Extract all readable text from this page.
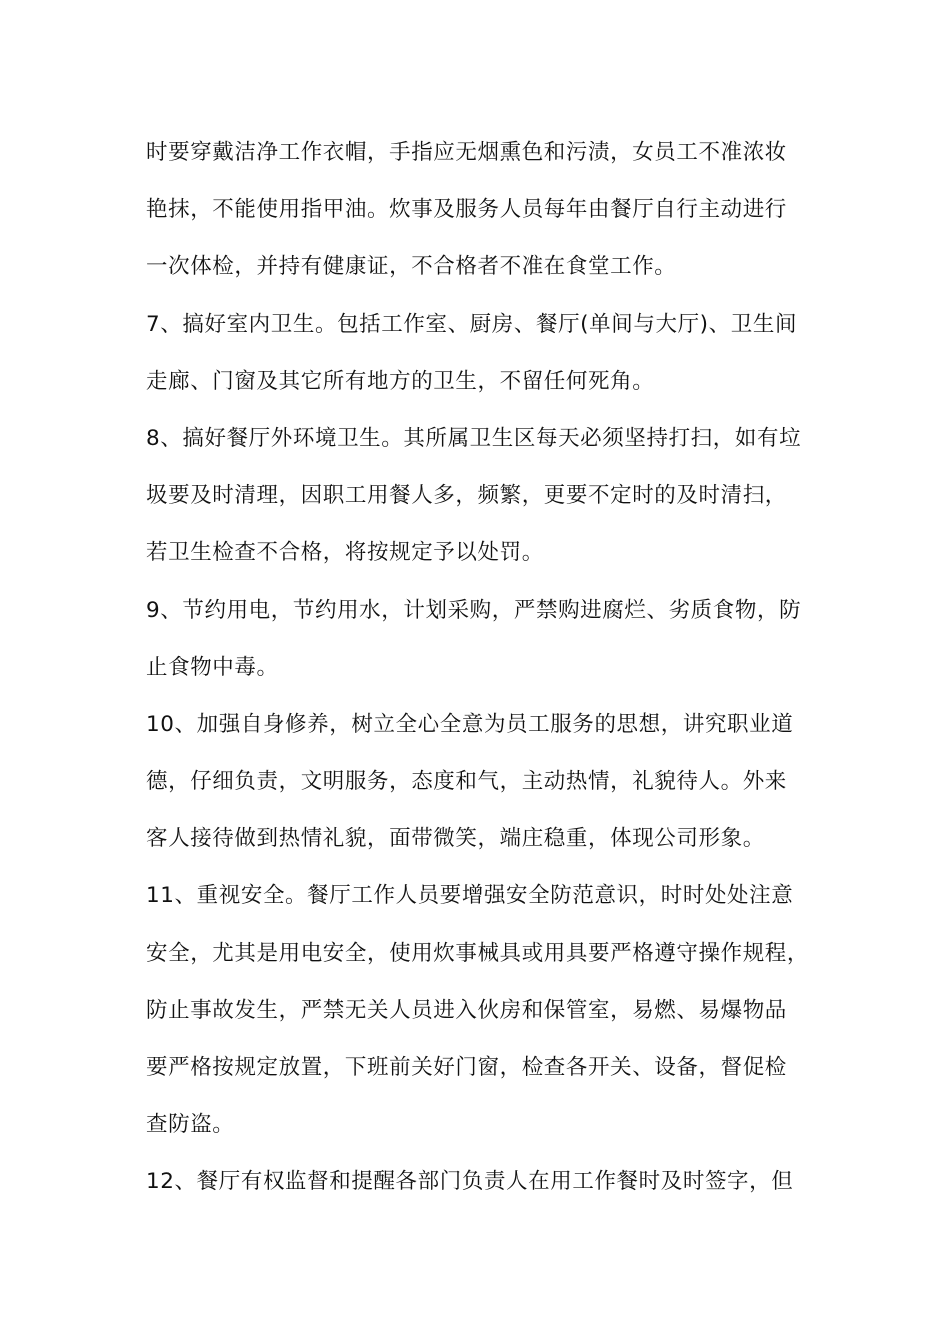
时要穿戴洁净工作衣帽，手指应无烟熏色和污渍，女员工不准浓妆
艳抹，不能使用指甲油。炊事及服务人员每年由餐厅自行主动进行
一次体检，并持有健康证，不合格者不准在食堂工作。
7、搞好室内卫生。包括工作室、厨房、餐厅(单间与大厅)、卫生间
走廊、门窗及其它所有地方的卫生，不留任何死角。
8、搞好餐厅外环境卫生。其所属卫生区每天必须坚持打扫，如有垃
圾要及时清理，因职工用餐人多，频繁，更要不定时的及时清扫，
若卫生检查不合格，将按规定予以处罚。
9、节约用电，节约用水，计划采购，严禁购进腐烂、劣质食物，防
止食物中毒。
10、加强自身修养，树立全心全意为员工服务的思想，讲究职业道
德，仔细负责，文明服务，态度和气，主动热情，礼貌待人。外来
客人接待做到热情礼貌，面带微笑，端庄稳重，体现公司形象。
11、重视安全。餐厅工作人员要增强安全防范意识，时时处处注意
安全，尤其是用电安全，使用炊事械具或用具要严格遵守操作规程，
防止事故发生，严禁无关人员进入伙房和保管室，易燃、易爆物品
要严格按规定放置，下班前关好门窗，检查各开关、设备，督促检
查防盗。
12、餐厅有权监督和提醒各部门负责人在用工作餐时及时签字，但
